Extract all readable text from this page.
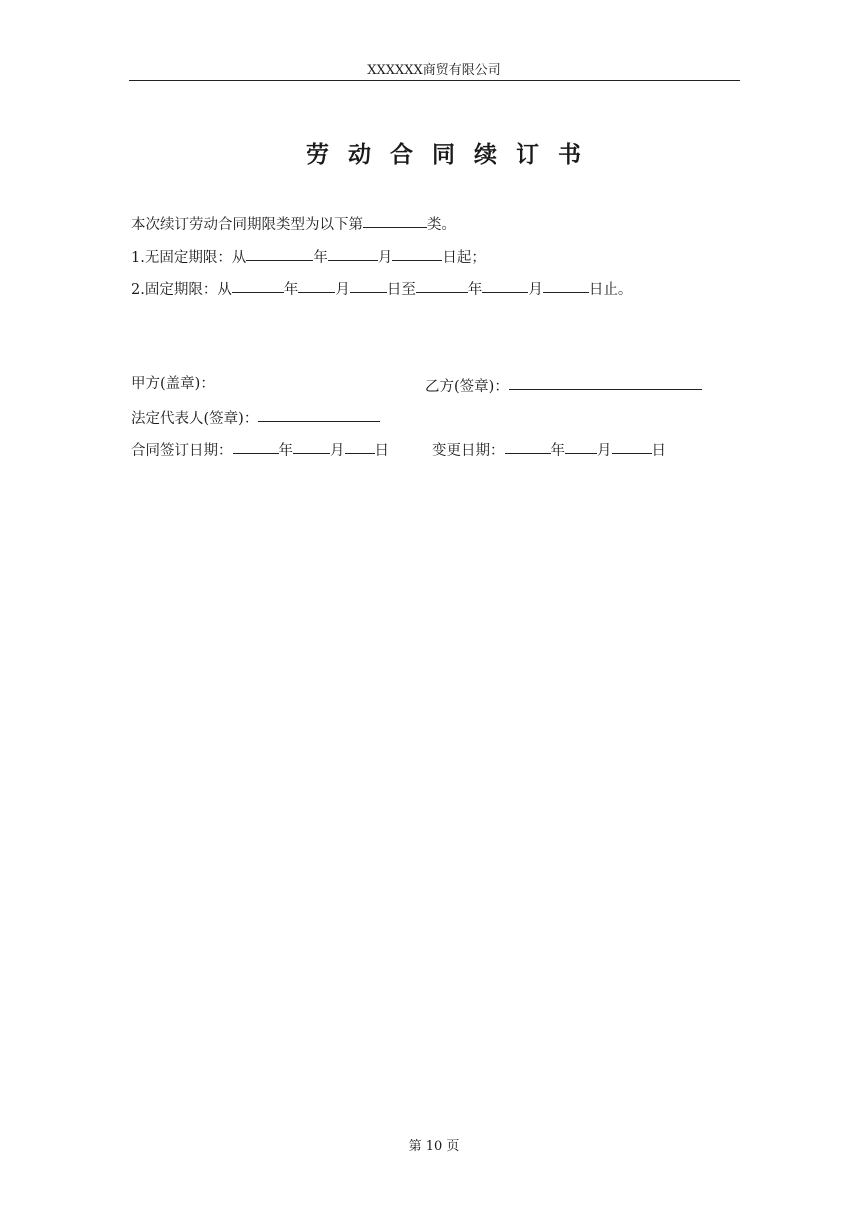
XXXXXX商贸有限公司
劳动合同续订书
本次续订劳动合同期限类型为以下第	类。
1.无固定期限：从	年	月	日起；
2.固定期限：从	年	月	日至	年	月	日止。
甲方(盖章)：	乙方(签章)：
法定代表人(签章)：
合同签订日期：	年	月 日	变更日期：	年 月	日
第 10 页
